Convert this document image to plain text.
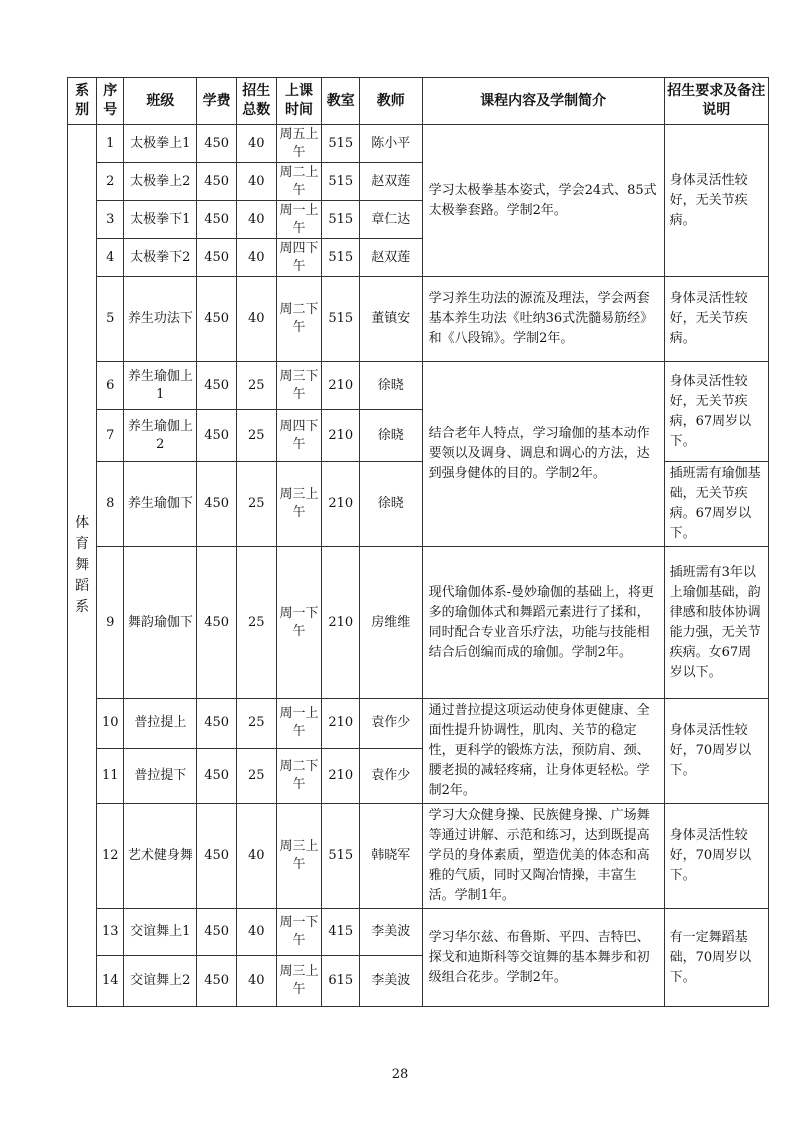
系别	序号	班级	学费	招生总数	上课时间	教室	教师	课程内容及学制简介	招生要求及备注说明
体育舞蹈系	1	太极拳上1	450	40	周五上午	515	陈小平	学习太极拳基本姿式，学会24式、85式太极拳套路。学制2年。	身体灵活性较好，无关节疾病。
	2	太极拳上2	450	40	周二上午	515	赵双莲		
	3	太极拳下1	450	40	周一上午	515	章仁达		
	4	太极拳下2	450	40	周四下午	515	赵双莲		
	5	养生功法下	450	40	周二下午	515	董镇安	学习养生功法的源流及理法，学会两套基本养生功法《吐纳36式洗髓易筋经》和《八段锦》。学制2年。	身体灵活性较好，无关节疾病。
	6	养生瑜伽上1	450	25	周三下午	210	徐晓	结合老年人特点，学习瑜伽的基本动作要领以及调身、调息和调心的方法，达到强身健体的目的。学制2年。	身体灵活性较好，无关节疾病，67周岁以下。
	7	养生瑜伽上2	450	25	周四下午	210	徐晓		
	8	养生瑜伽下	450	25	周三上午	210	徐晓		插班需有瑜伽基础，无关节疾病。67周岁以下。
	9	舞韵瑜伽下	450	25	周一下午	210	房维维	现代瑜伽体系-曼妙瑜伽的基础上，将更多的瑜伽体式和舞蹈元素进行了揉和，同时配合专业音乐疗法，功能与技能相结合后创编而成的瑜伽。学制2年。	插班需有3年以上瑜伽基础，韵律感和肢体协调能力强，无关节疾病。女67周岁以下。
	10	普拉提上	450	25	周一上午	210	袁作少	通过普拉提这项运动使身体更健康、全面性提升协调性，肌肉、关节的稳定性，更科学的锻炼方法，预防肩、颈、腰老损的减轻疼痛，让身体更轻松。学制2年。	身体灵活性较好，70周岁以下。
	11	普拉提下	450	25	周二下午	210	袁作少		
	12	艺术健身舞	450	40	周三上午	515	韩晓军	学习大众健身操、民族健身操、广场舞等通过讲解、示范和练习，达到既提高学员的身体素质，塑造优美的体态和高雅的气质，同时又陶冶情操，丰富生活。学制1年。	身体灵活性较好，70周岁以下。
	13	交谊舞上1	450	40	周一下午	415	李美波	学习华尔兹、布鲁斯、平四、吉特巴、探戈和迪斯科等交谊舞的基本舞步和初级组合花步。学制2年。	有一定舞蹈基础，70周岁以下。
	14	交谊舞上2	450	40	周三上午	615	李美波		
28
